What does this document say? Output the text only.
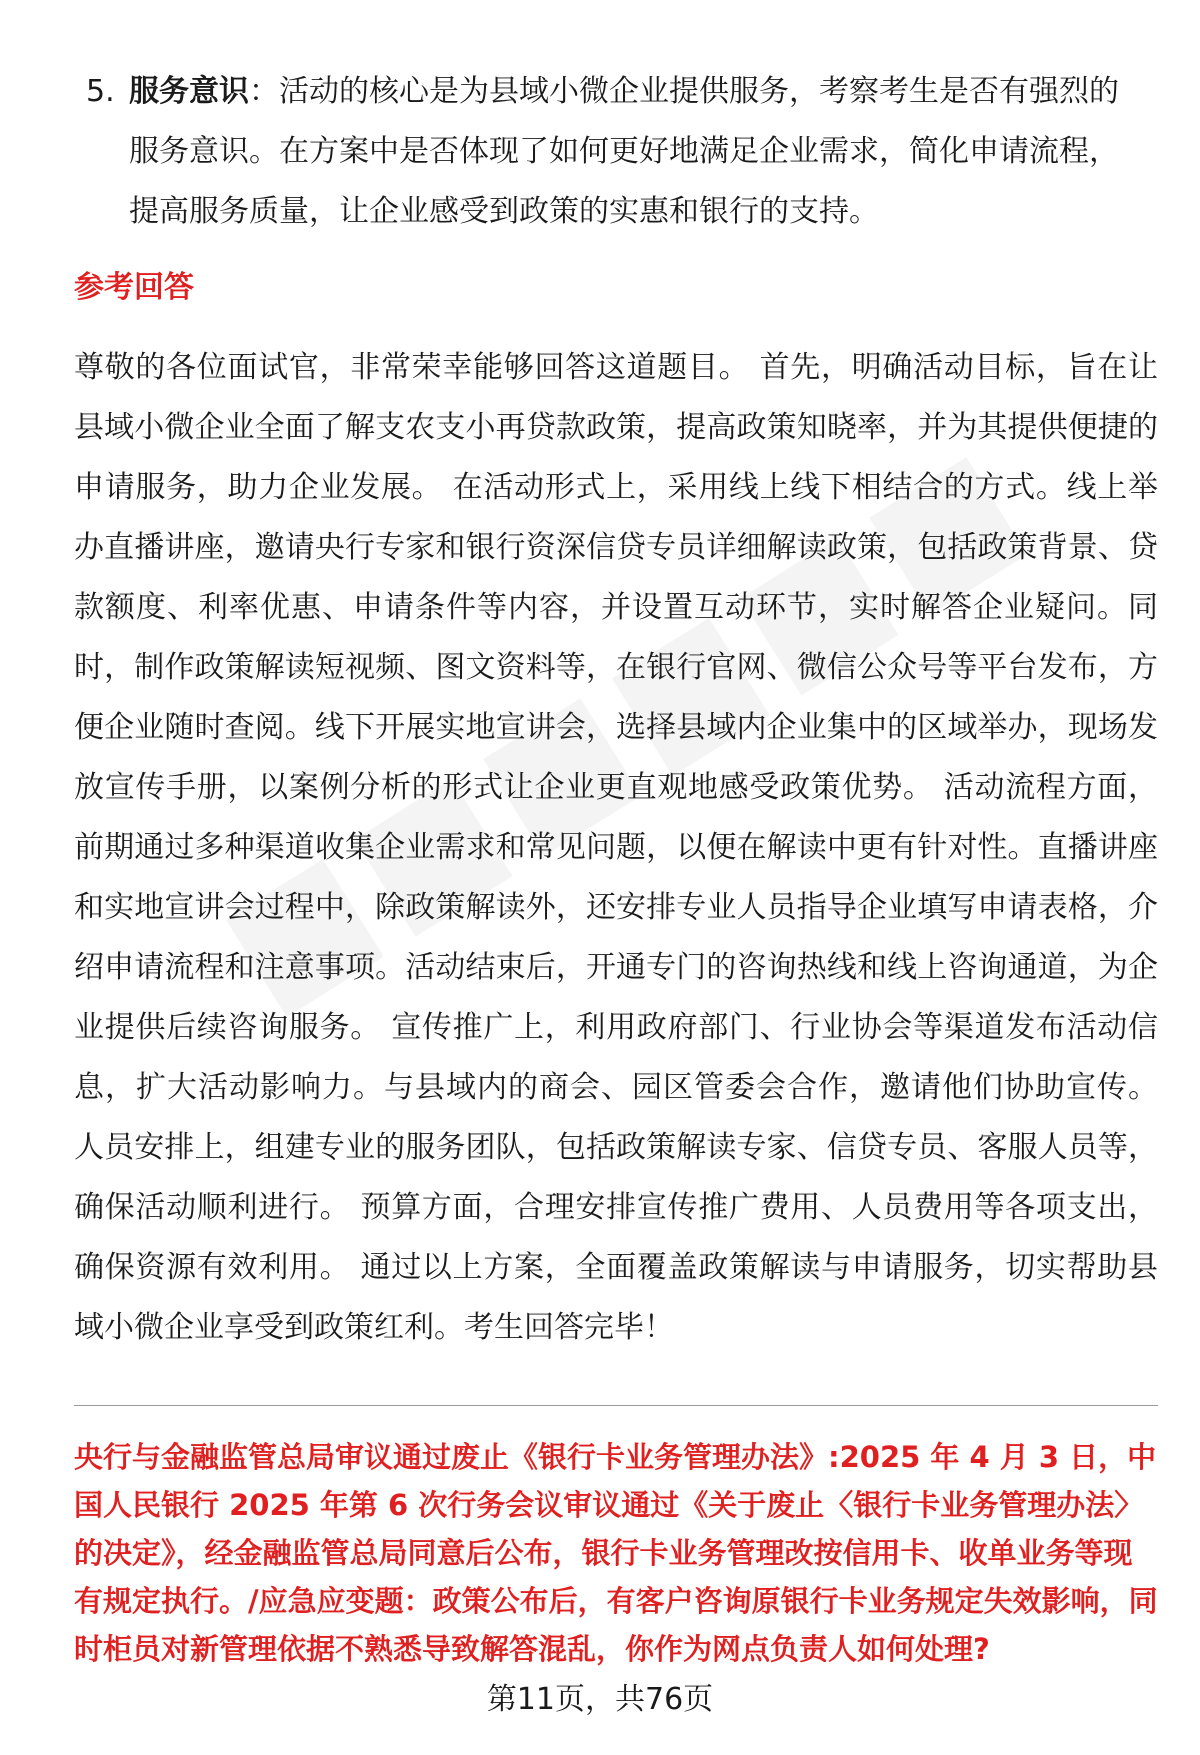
5. 服务意识：活动的核心是为县域小微企业提供服务，考察考生是否有强烈的服务意识。在方案中是否体现了如何更好地满足企业需求，简化申请流程，提高服务质量，让企业感受到政策的实惠和银行的支持。
参考回答

尊敬的各位面试官，非常荣幸能够回答这道题目。 首先，明确活动目标，旨在让县域小微企业全面了解支农支小再贷款政策，提高政策知晓率，并为其提供便捷的申请服务，助力企业发展。 在活动形式上，采用线上线下相结合的方式。线上举办直播讲座，邀请央行专家和银行资深信贷专员详细解读政策，包括政策背景、贷款额度、利率优惠、申请条件等内容，并设置互动环节，实时解答企业疑问。同时，制作政策解读短视频、图文资料等，在银行官网、微信公众号等平台发布，方便企业随时查阅。线下开展实地宣讲会，选择县域内企业集中的区域举办，现场发放宣传手册，以案例分析的形式让企业更直观地感受政策优势。 活动流程方面，前期通过多种渠道收集企业需求和常见问题，以便在解读中更有针对性。直播讲座和实地宣讲会过程中，除政策解读外，还安排专业人员指导企业填写申请表格，介绍申请流程和注意事项。活动结束后，开通专门的咨询热线和线上咨询通道，为企业提供后续咨询服务。 宣传推广上，利用政府部门、行业协会等渠道发布活动信息，扩大活动影响力。与县域内的商会、园区管委会合作，邀请他们协助宣传。 人员安排上，组建专业的服务团队，包括政策解读专家、信贷专员、客服人员等，确保活动顺利进行。 预算方面，合理安排宣传推广费用、人员费用等各项支出，确保资源有效利用。 通过以上方案，全面覆盖政策解读与申请服务，切实帮助县域小微企业享受到政策红利。考生回答完毕！

央行与金融监管总局审议通过废止《银行卡业务管理办法》:2025 年 4 月 3 日，中国人民银行 2025 年第 6 次行务会议审议通过《关于废止〈银行卡业务管理办法〉的决定》，经金融监管总局同意后公布，银行卡业务管理改按信用卡、收单业务等现有规定执行。/应急应变题：政策公布后，有客户咨询原银行卡业务规定失效影响，同时柜员对新管理依据不熟悉导致解答混乱，你作为网点负责人如何处理?

第11页，共76页
